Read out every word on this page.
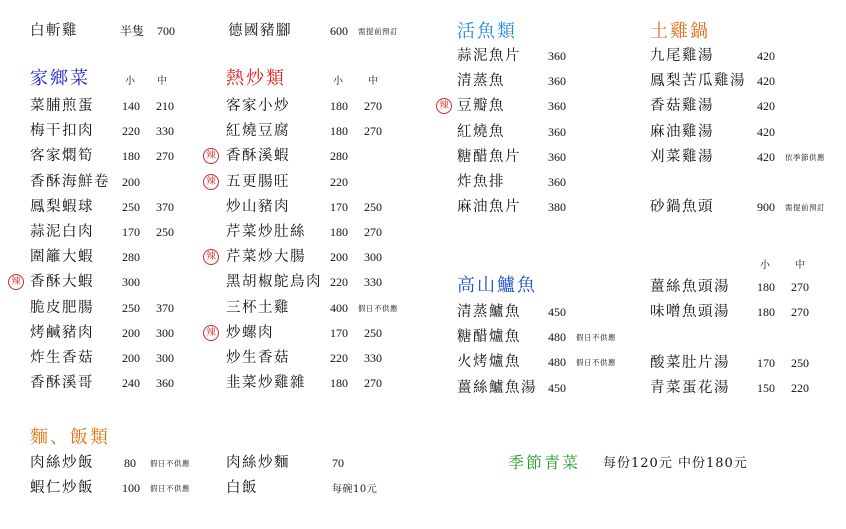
白斬雞	半隻 700	德國豬腳	600 需提前預訂
家鄉菜	小 中
菜脯煎蛋 140 210
梅干扣肉 220 330
客家燜筍 180 270
香酥海鮮卷 200
鳳梨蝦球 250 370
蒜泥白肉 170 250
圍籬大蝦 280
辣 香酥大蝦 300
脆皮肥腸 250 370
烤鹹豬肉 200 300
炸生香菇 200 300
香酥溪哥 240 360
熱炒類	小	中
客家小炒	180 270
紅燒豆腐	180 270
辣 香酥溪蝦	280
辣 五更腸旺	220
炒山豬肉	170 250
芹菜炒肚絲 180 270
辣 芹菜炒大腸 200 300
黑胡椒鴕鳥肉 220 330
三杯土雞	400 假日不供應
辣 炒螺肉	170 250
炒生香菇	220 330
韭菜炒雞雜 180 270
活魚類
蒜泥魚片 360
清蒸魚	360
辣 豆瓣魚	360
紅燒魚	360
糖醋魚片 360
炸魚排	360
麻油魚片 380
土雞鍋
九尾雞湯	420
鳳梨苦瓜雞湯 420
香菇雞湯	420
麻油雞湯	420
刈菜雞湯	420 依季節供應
砂鍋魚頭	900 需提前預訂
高山鱸魚
清蒸鱸魚 450
糖醋爐魚 480 假日不供應
火烤爐魚 480 假日不供應
薑絲鱸魚湯 450
小	中
薑絲魚頭湯 180 270
味噌魚頭湯 180 270
酸菜肚片湯 170 250
青菜蛋花湯 150 220
麵、飯類
肉絲炒飯	80 假日不供應
蝦仁炒飯 100 假日不供應
肉絲炒麵	70
白飯	每碗10元
季節青菜 每份120元 中份180元
